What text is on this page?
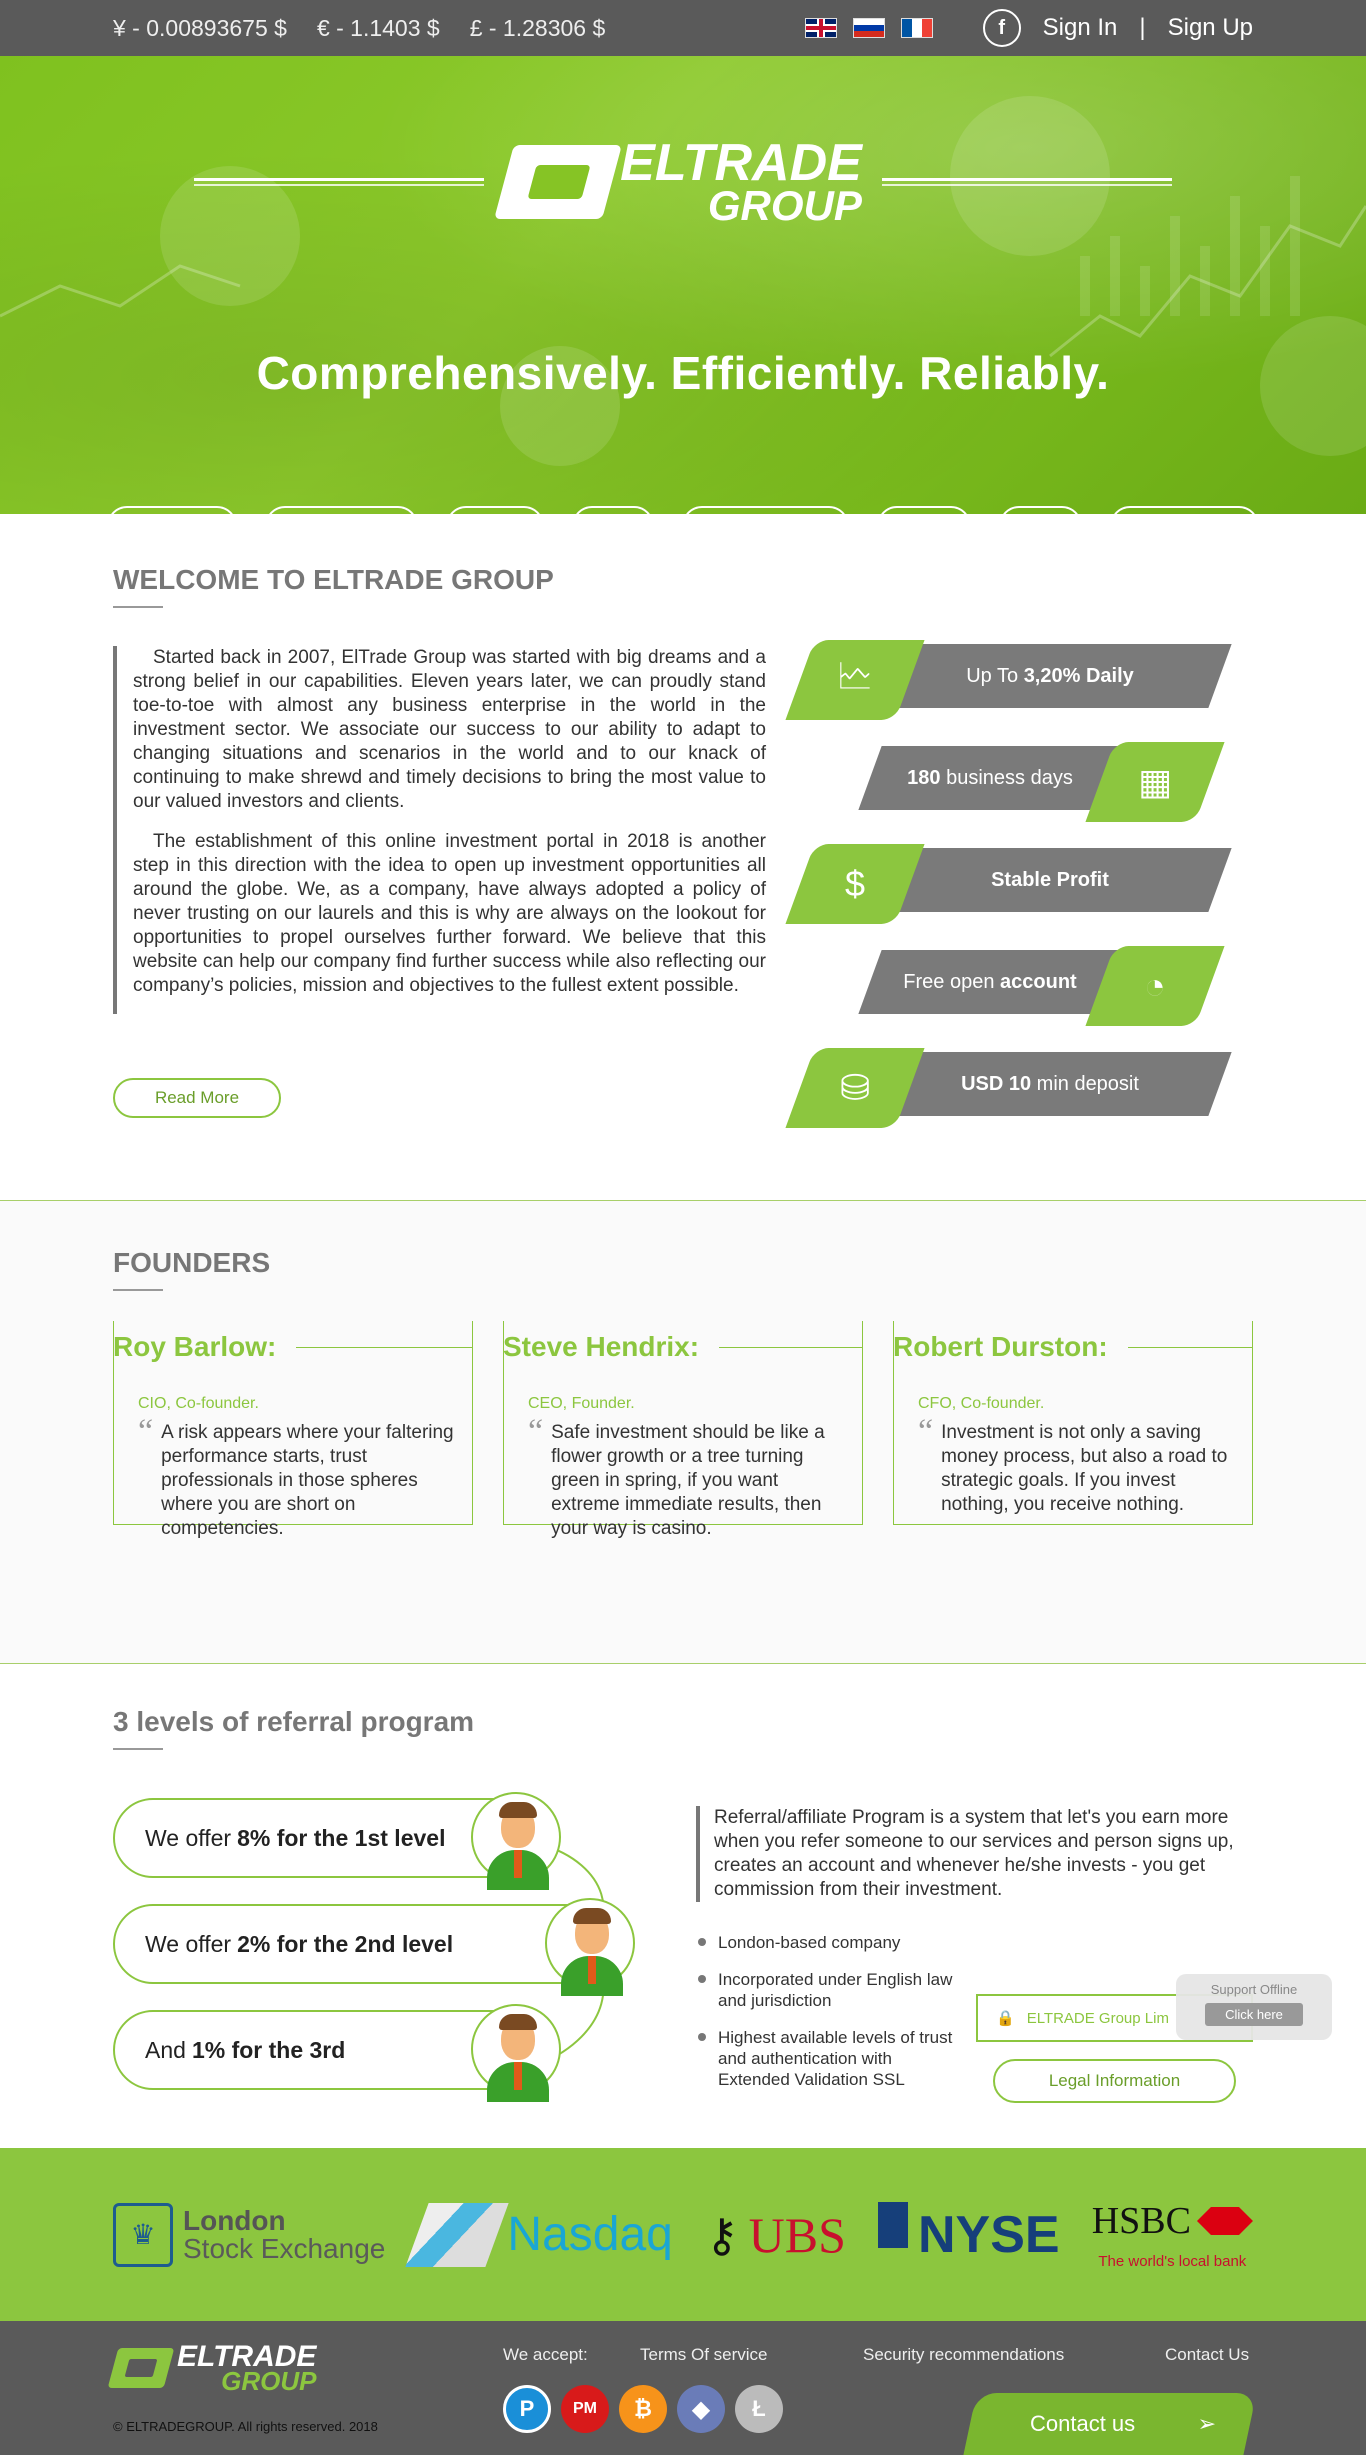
¥ - 0.00893675 $ € - 1.1403 $ £ - 1.28306 $	f	Sign In | Sign Up
ELTRADE
GROUP
Comprehensively. Efficiently. Reliably.
About Us	Our History	Offers	FAQ	How To Start	News	TOS	Contact Us
WELCOME TO ELTRADE GROUP

Started back in 2007, ElTrade Group was started with big dreams and a strong belief in our capabilities. Eleven years later, we can proudly stand toe-to-toe with almost any business enterprise in the world in the investment sector. We associate our success to our ability to adapt to changing situations and scenarios in the world and to our knack of continuing to make shrewd and timely decisions to bring the most value to our valued investors and clients.

The establishment of this online investment portal in 2018 is another step in this direction with the idea to open up investment opportunities all around the globe. We, as a company, have always adopted a policy of never trusting on our laurels and this is why are always on the lookout for opportunities to propel ourselves further forward. We believe that this website can help our company find further success while also reflecting our company’s policies, mission and objectives to the fullest extent possible.

Read More
🗠	Up To
3,20% Daily
▦
180
business days
$	Stable Profit
◔
Free open
account
⛁	USD 10
min deposit
FOUNDERS
Roy Barlow:
CIO, Co-founder.
“ A risk appears where your faltering performance starts, trust professionals in those spheres where you are short on competencies.
Steve Hendrix:
CEO, Founder.
“ Safe investment should be like a flower growth or a tree turning green in spring, if you want extreme immediate results, then your way is casino.
Robert Durston:
CFO, Co-founder.
“ Investment is not only a saving money process, but also a road to strategic goals. If you invest nothing, you receive nothing.
3 levels of referral program
We offer 8% for the 1st level
We offer 2% for the 2nd level
And 1% for the 3rd
Referral/affiliate Program is a system that let's you earn more when you refer someone to our services and person signs up, creates an account and whenever he/she invests - you get commission from their investment.
London-based company
Incorporated under English law and jurisdiction
Highest available levels of trust and authentication with Extended Validation SSL
🔒 ELTRADE Group Lim
Legal Information
Support Offline
Click here
♛ London
Stock Exchange	Nasdaq ⚷ UBS NYSE HSBC
The world's local bank
ELTRADE
GROUP
© ELTRADEGROUP. All rights reserved. 2018
We accept:
P	PM	₿	◆	Ł
Terms Of service	Security recommendations	Contact Us
Contact us	➢
